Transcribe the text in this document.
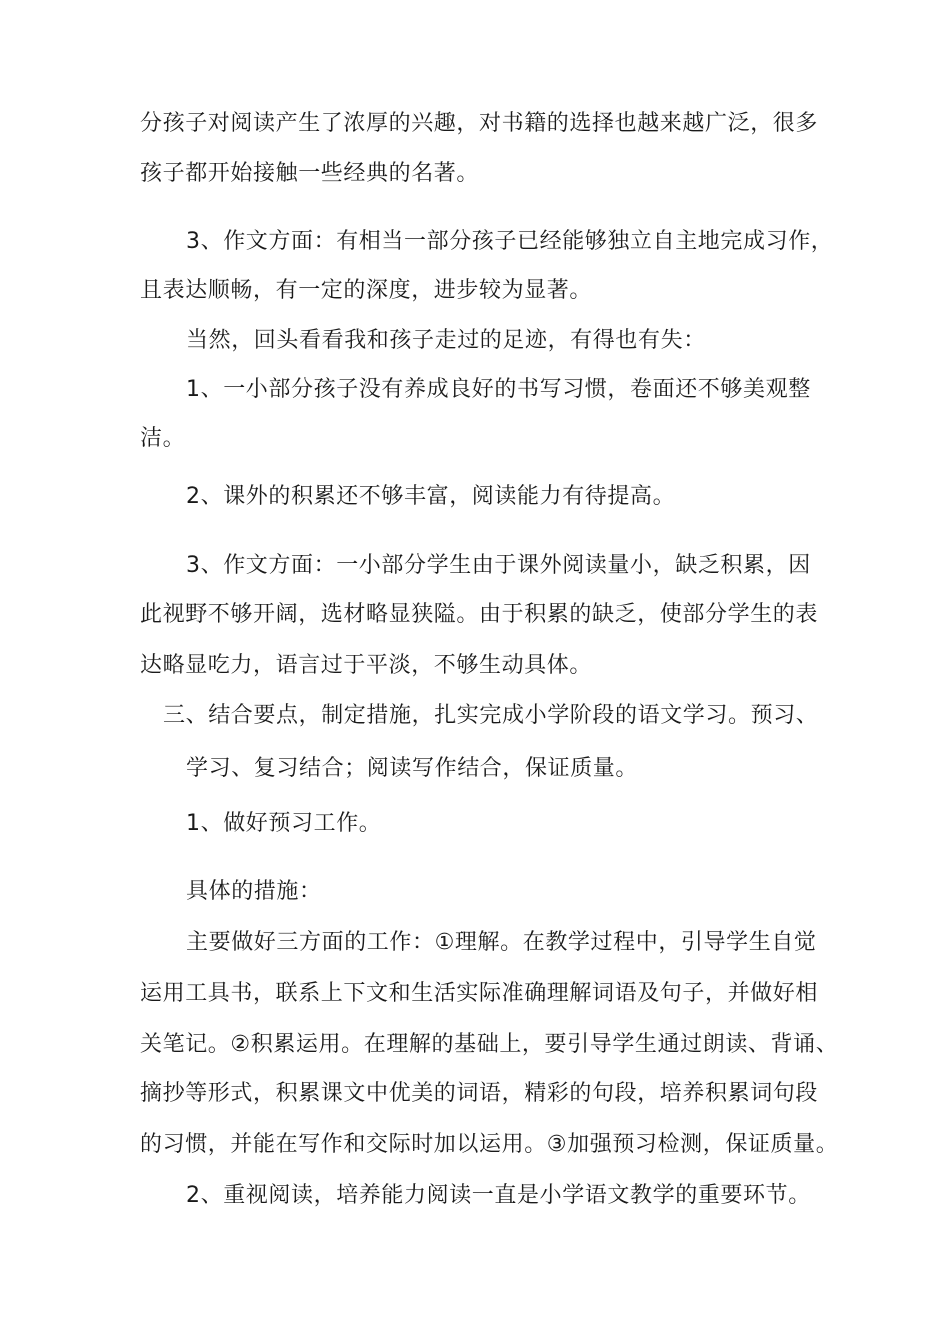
分孩子对阅读产生了浓厚的兴趣，对书籍的选择也越来越广泛，很多
孩子都开始接触一些经典的名著。
3、作文方面：有相当一部分孩子已经能够独立自主地完成习作，
且表达顺畅，有一定的深度，进步较为显著。
当然，回头看看我和孩子走过的足迹，有得也有失：
1、一小部分孩子没有养成良好的书写习惯，卷面还不够美观整
洁。
2、课外的积累还不够丰富，阅读能力有待提高。
3、作文方面：一小部分学生由于课外阅读量小，缺乏积累，因
此视野不够开阔，选材略显狭隘。由于积累的缺乏，使部分学生的表
达略显吃力，语言过于平淡，不够生动具体。
三、结合要点，制定措施，扎实完成小学阶段的语文学习。预习、
学习、复习结合；阅读写作结合，保证质量。
1、做好预习工作。
具体的措施：
主要做好三方面的工作：①理解。在教学过程中，引导学生自觉
运用工具书，联系上下文和生活实际准确理解词语及句子，并做好相
关笔记。②积累运用。在理解的基础上，要引导学生通过朗读、背诵、
摘抄等形式，积累课文中优美的词语，精彩的句段，培养积累词句段
的习惯，并能在写作和交际时加以运用。③加强预习检测，保证质量。
2、重视阅读，培养能力阅读一直是小学语文教学的重要环节。
